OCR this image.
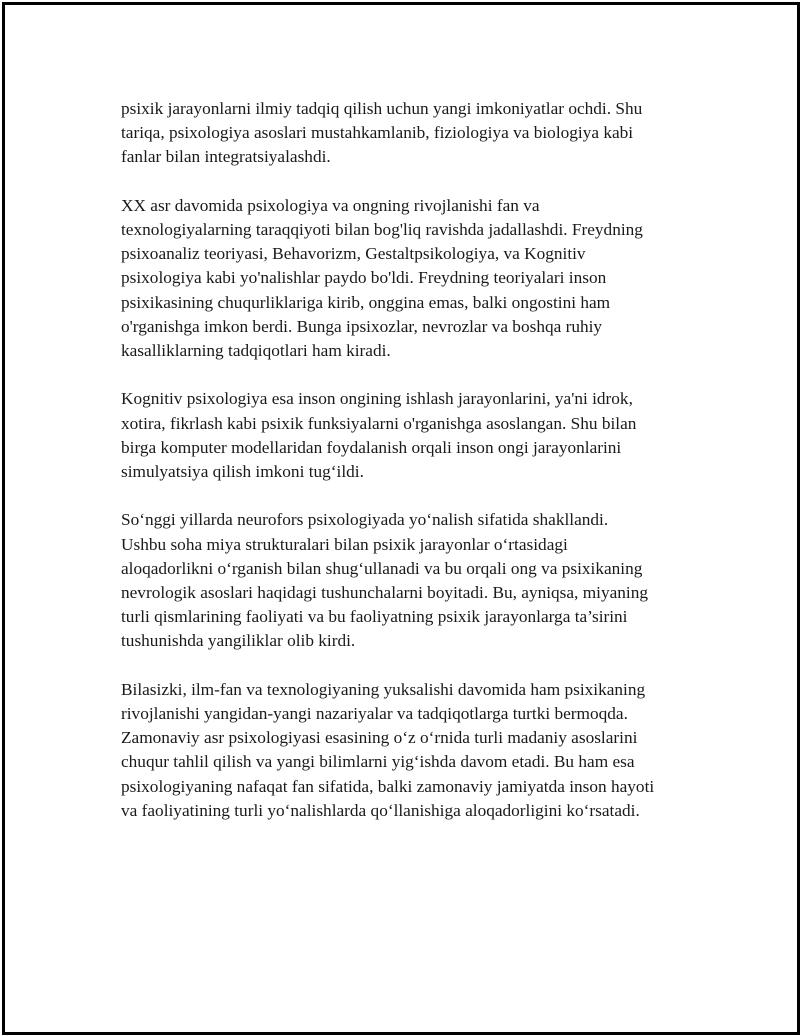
psixik jarayonlarni ilmiy tadqiq qilish uchun yangi imkoniyatlar ochdi. Shu
tariqa, psixologiya asoslari mustahkamlanib, fiziologiya va biologiya kabi
fanlar bilan integratsiyalashdi.

XX asr davomida psixologiya va ongning rivojlanishi fan va
texnologiyalarning taraqqiyoti bilan bog'liq ravishda jadallashdi. Freydning
psixoanaliz teoriyasi, Behavorizm, Gestaltpsikologiya, va Kognitiv
psixologiya kabi yo'nalishlar paydo bo'ldi. Freydning teoriyalari inson
psixikasining chuqurliklariga kirib, onggina emas, balki ongostini ham
o'rganishga imkon berdi. Bunga ipsixozlar, nevrozlar va boshqa ruhiy
kasalliklarning tadqiqotlari ham kiradi.

Kognitiv psixologiya esa inson ongining ishlash jarayonlarini, ya'ni idrok,
xotira, fikrlash kabi psixik funksiyalarni o'rganishga asoslangan. Shu bilan
birga komputer modellaridan foydalanish orqali inson ongi jarayonlarini
simulyatsiya qilish imkoni tug‘ildi.

So‘nggi yillarda neurofors psixologiyada yo‘nalish sifatida shakllandi.
Ushbu soha miya strukturalari bilan psixik jarayonlar o‘rtasidagi
aloqadorlikni o‘rganish bilan shug‘ullanadi va bu orqali ong va psixikaning
nevrologik asoslari haqidagi tushunchalarni boyitadi. Bu, ayniqsa, miyaning
turli qismlarining faoliyati va bu faoliyatning psixik jarayonlarga ta’sirini
tushunishda yangiliklar olib kirdi.

Bilasizki, ilm-fan va texnologiyaning yuksalishi davomida ham psixikaning
rivojlanishi yangidan-yangi nazariyalar va tadqiqotlarga turtki bermoqda.
Zamonaviy asr psixologiyasi esasining o‘z o‘rnida turli madaniy asoslarini
chuqur tahlil qilish va yangi bilimlarni yig‘ishda davom etadi. Bu ham esa
psixologiyaning nafaqat fan sifatida, balki zamonaviy jamiyatda inson hayoti
va faoliyatining turli yo‘nalishlarda qo‘llanishiga aloqadorligini ko‘rsatadi.
